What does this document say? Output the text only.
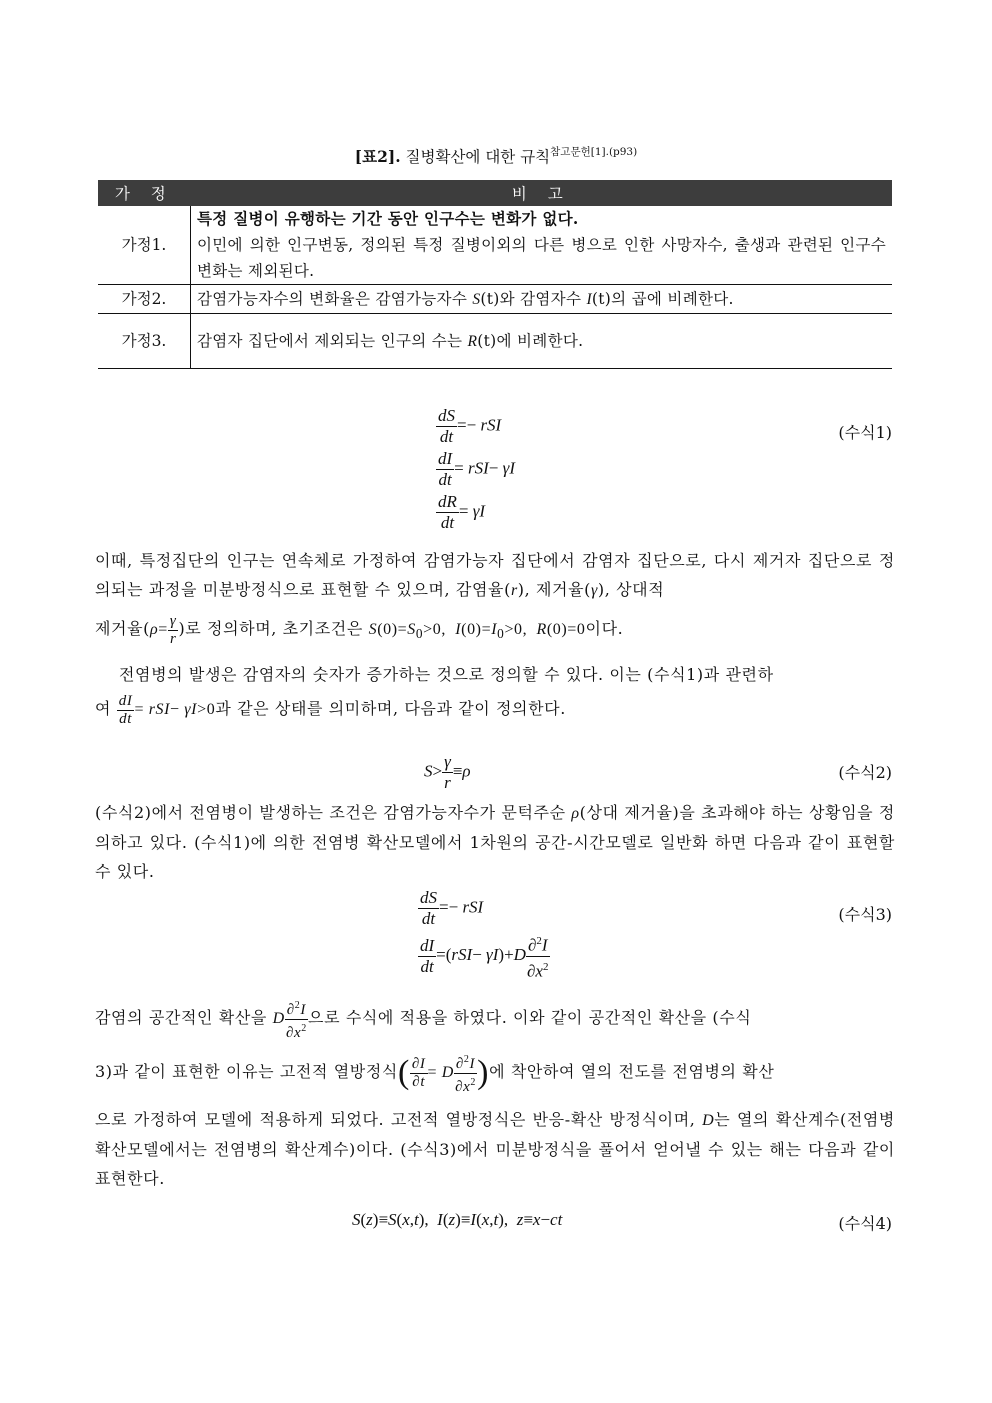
[표2]. 질병확산에 대한 규칙$^{참고문헌[1].(p93)}$
가 정	비 고
가정1.	특정 질병이 유행하는 기간 동안 인구수는 변화가 없다.
이민에 의한 인구변동, 정의된 특정 질병이외의 다른 병으로 인한 사망자수, 출생과 관련된 인구수 변화는 제외된다.

가정2.	감염가능자수의 변화율은 감염가능자수 S(t)와 감염자수 I(t)의 곱에 비례한다.
가정3.	감염자 집단에서 제외되는 인구의 수는 R(t)에 비례한다.
$\frac{dS}{dt}$ =− rSI
$\frac{dI}{dt} = rSI- \gamma I$
$\frac{dR}{dt} = \gamma I$
(수식1)
이때, 특정집단의 인구는 연속체로 가정하여 감염가능자 집단에서 감염자 집단으로, 다시 제거자 집단으로 정의되는 과정을 미분방정식으로 표현할 수 있으며, 감염율(r), 제거율(γ), 상대적
제거율($\rho= \frac{\gamma}{r}$ )로 정의하며, 초기조건은 $S(0)=S_0>0$,  $I(0)=I_0>0$,  R(0)=0이다.
전염병의 발생은 감염자의 숫자가 증가하는 것으로 정의할 수 있다. 이는 (수식1)과 관련하
여 $\frac{dI}{dt} = rSI- \gamma I>0$과 같은 상태를 의미하며, 다음과 같이 정의한다.
$S> \frac{\gamma}{r} \equiv\rho$	(수식2)
(수식2)에서 전염병이 발생하는 조건은 감염가능자수가 문턱주순 ρ(상대 제거율)을 초과해야 하는 상황임을 정의하고 있다. (수식1)에 의한 전염병 확산모델에서 1차원의 공간-시간모델로 일반화 하면 다음과 같이 표현할 수 있다.
$\frac{dS}{dt}$ =− rSI
$\frac{dI}{dt} =(rSI- \gamma I)+D \frac{\partial^2I}{\partial x^2}$
(수식3)
감염의 공간적인 확산을 D $\frac{\partial^2I}{\partial x^2}$ 으로 수식에 적용을 하였다. 이와 같이 공간적인 확산을 (수식
3)과 같이 표현한 이유는 고전적 열방정식( $\frac{\partial I}{\partial t} = D \frac{\partial^2I}{\partial x^2}$ )에 착안하여 열의 전도를 전염병의 확산
으로 가정하여 모델에 적용하게 되었다. 고전적 열방정식은 반응-확산 방정식이며, D는 열의 확산계수(전염병 확산모델에서는 전염병의 확산계수)이다. (수식3)에서 미분방정식을 풀어서 얻어낼 수 있는 해는 다음과 같이 표현한다.
S(z)≡S(x,t),  I(z)≡I(x,t),  z≡x−ct	(수식4)
